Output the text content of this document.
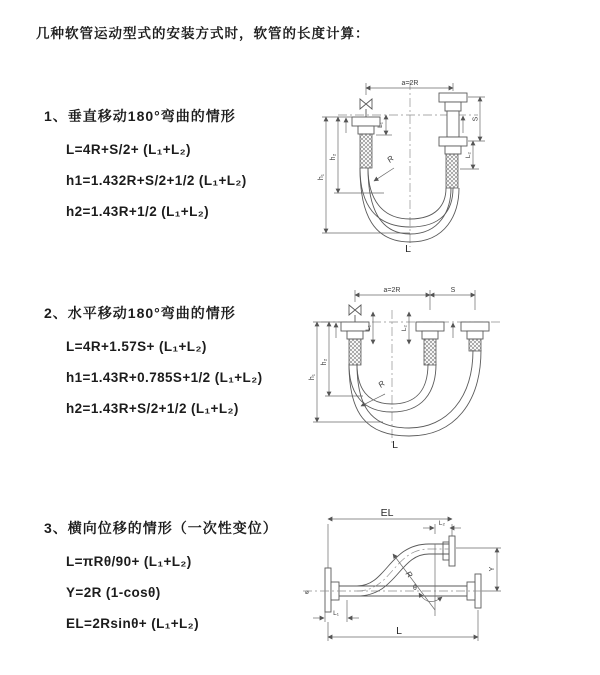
几种软管运动型式的安装方式时，软管的长度计算：
1、垂直移动180°弯曲的情形
L=4R+S/2+ (L₁+L₂)
h1=1.432R+S/2+1/2 (L₁+L₂)
h2=1.43R+1/2 (L₁+L₂)
2、水平移动180°弯曲的情形
L=4R+1.57S+ (L₁+L₂)
h1=1.43R+0.785S+1/2 (L₁+L₂)
h2=1.43R+S/2+1/2 (L₁+L₂)
3、横向位移的情形（一次性变位）
L=πRθ/90+ (L₁+L₂)
Y=2R (1-cosθ)
EL=2Rsinθ+ (L₁+L₂)
a=2R
L₁
S
L₂
h₂
h₁
R
L
a=2R	S
L₁	L₂
h₂
h₁
R
L
EL
L₂
Y
ø
θ
R
L₁
L
